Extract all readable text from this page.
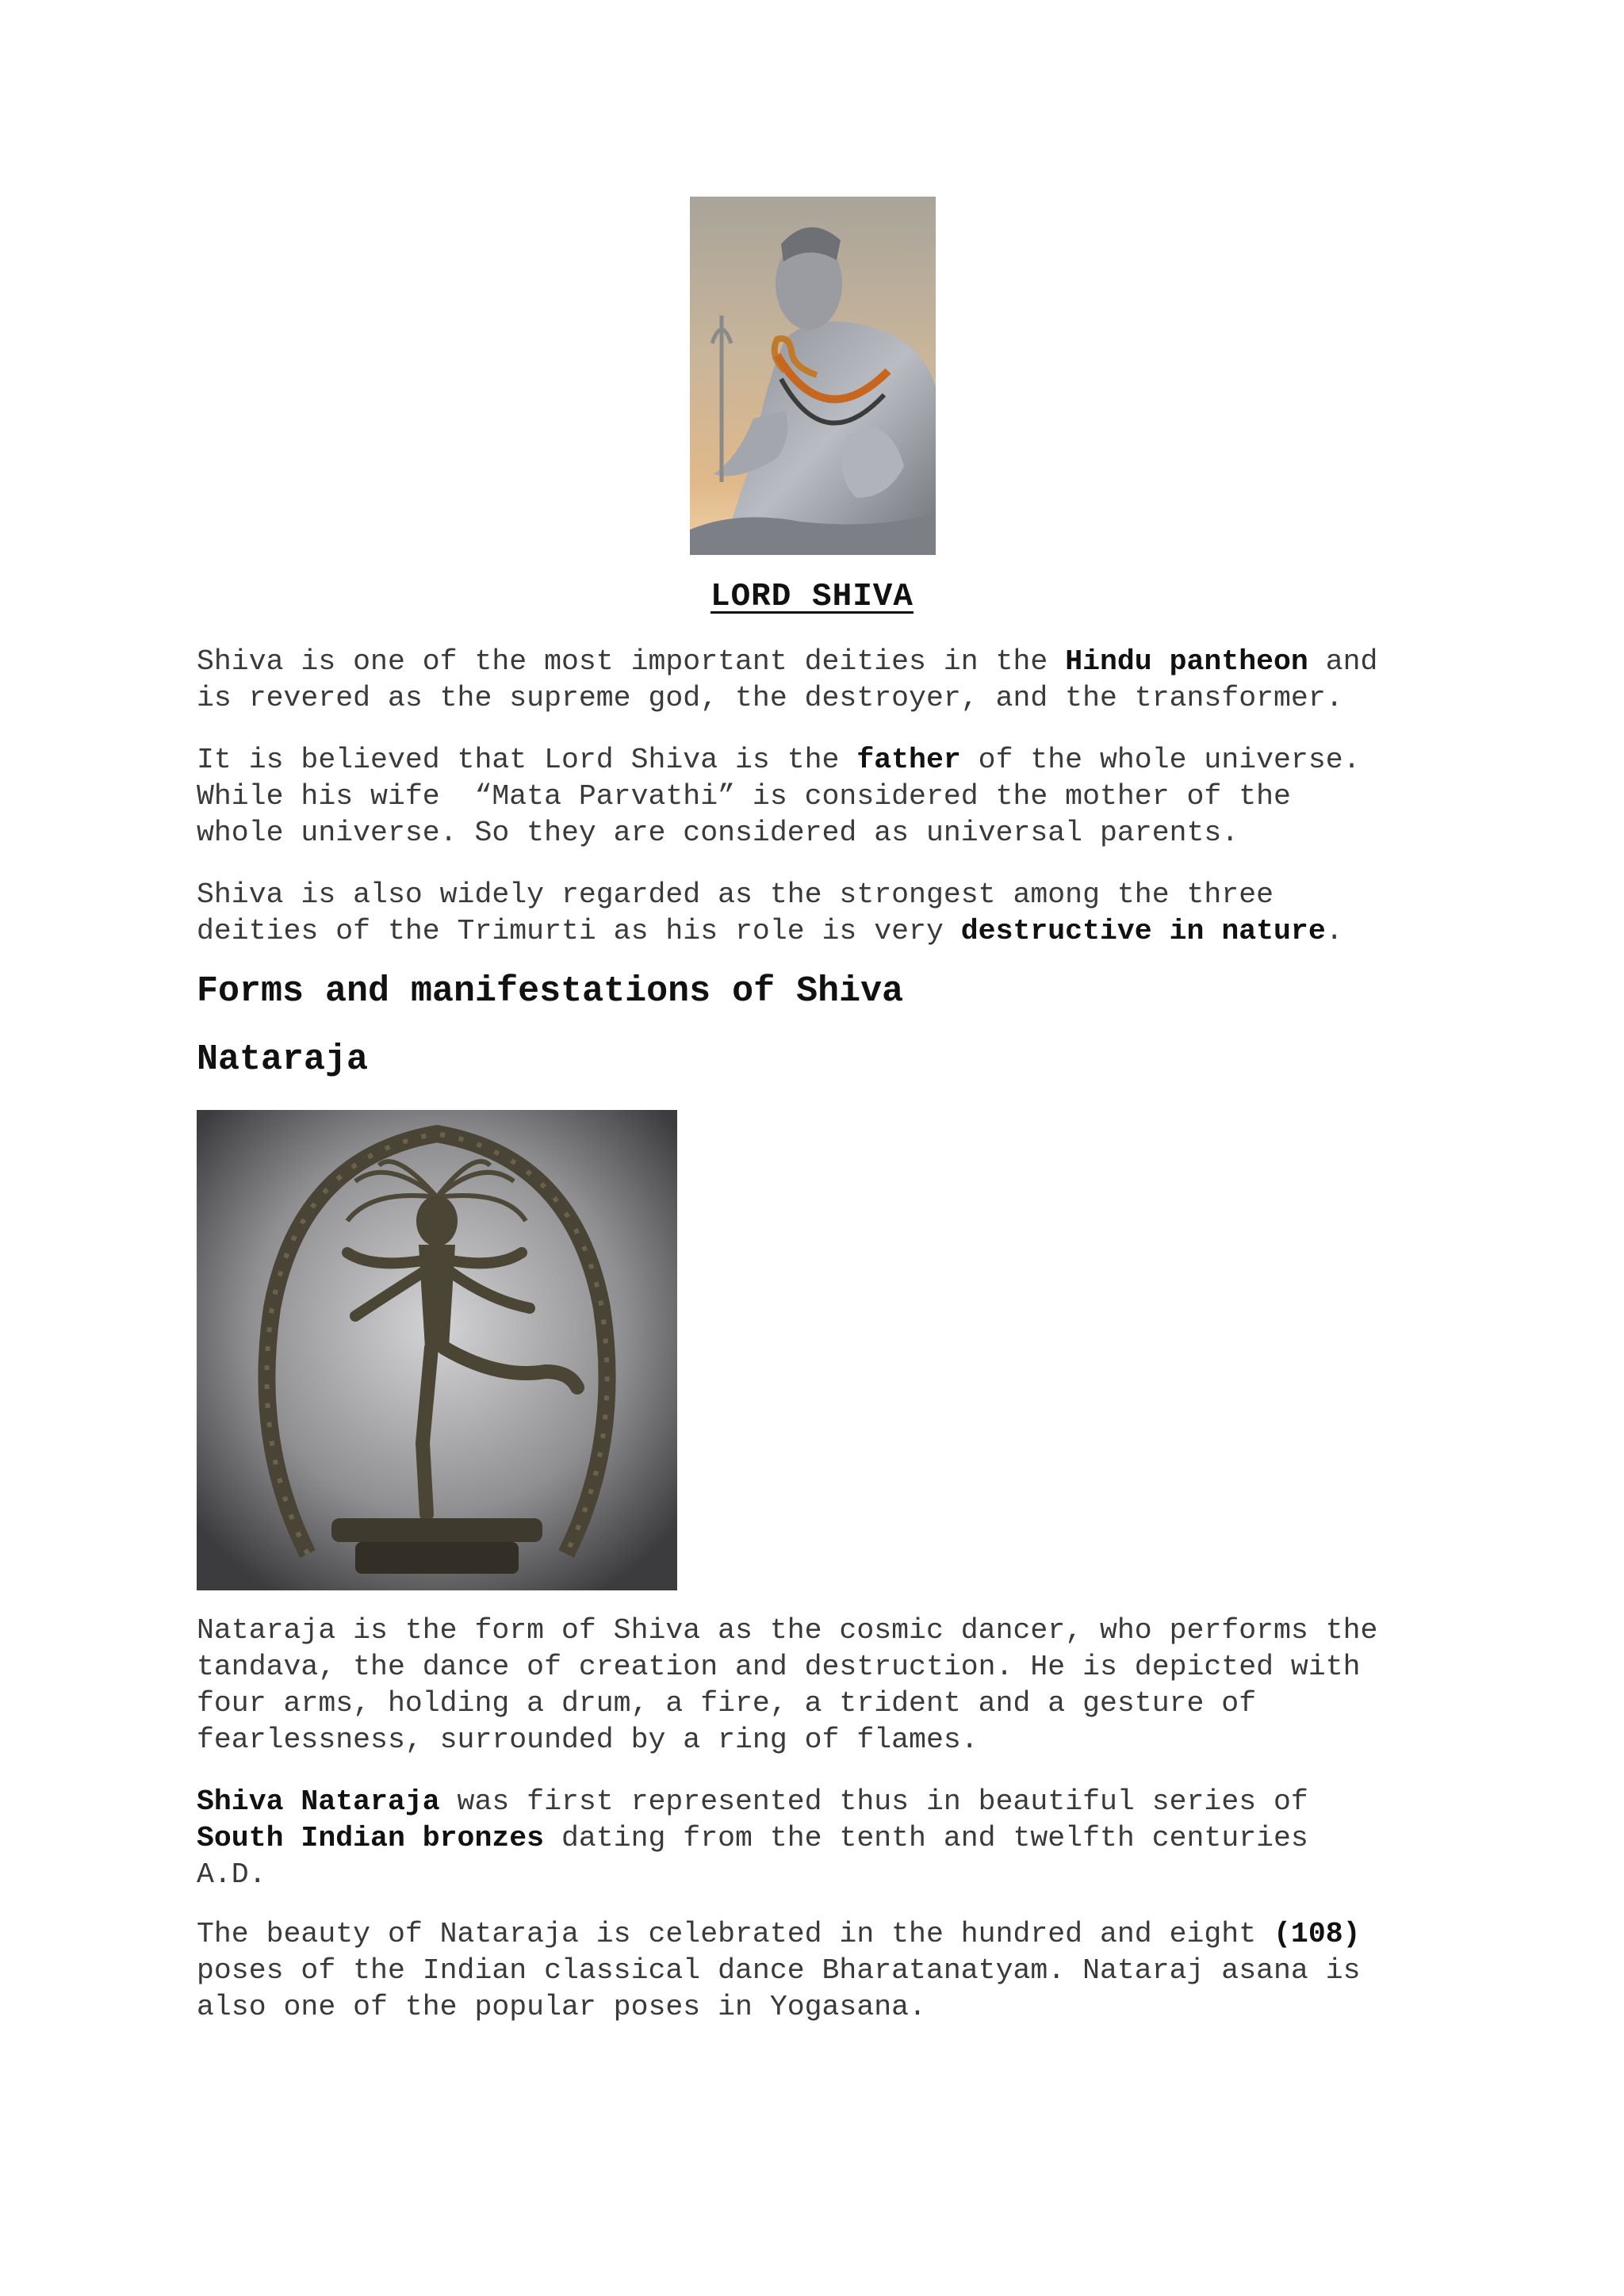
LORD SHIVA

Shiva is one of the most important deities in the Hindu pantheon and
is revered as the supreme god, the destroyer, and the transformer.

It is believed that Lord Shiva is the father of the whole universe.
While his wife  “Mata Parvathi” is considered the mother of the
whole universe. So they are considered as universal parents.

Shiva is also widely regarded as the strongest among the three
deities of the Trimurti as his role is very destructive in nature.

Forms and manifestations of Shiva
Nataraja

Nataraja is the form of Shiva as the cosmic dancer, who performs the
tandava, the dance of creation and destruction. He is depicted with
four arms, holding a drum, a fire, a trident and a gesture of
fearlessness, surrounded by a ring of flames.

Shiva Nataraja was first represented thus in beautiful series of
South Indian bronzes dating from the tenth and twelfth centuries
A.D.

The beauty of Nataraja is celebrated in the hundred and eight (108)
poses of the Indian classical dance Bharatanatyam. Nataraj asana is
also one of the popular poses in Yogasana.
